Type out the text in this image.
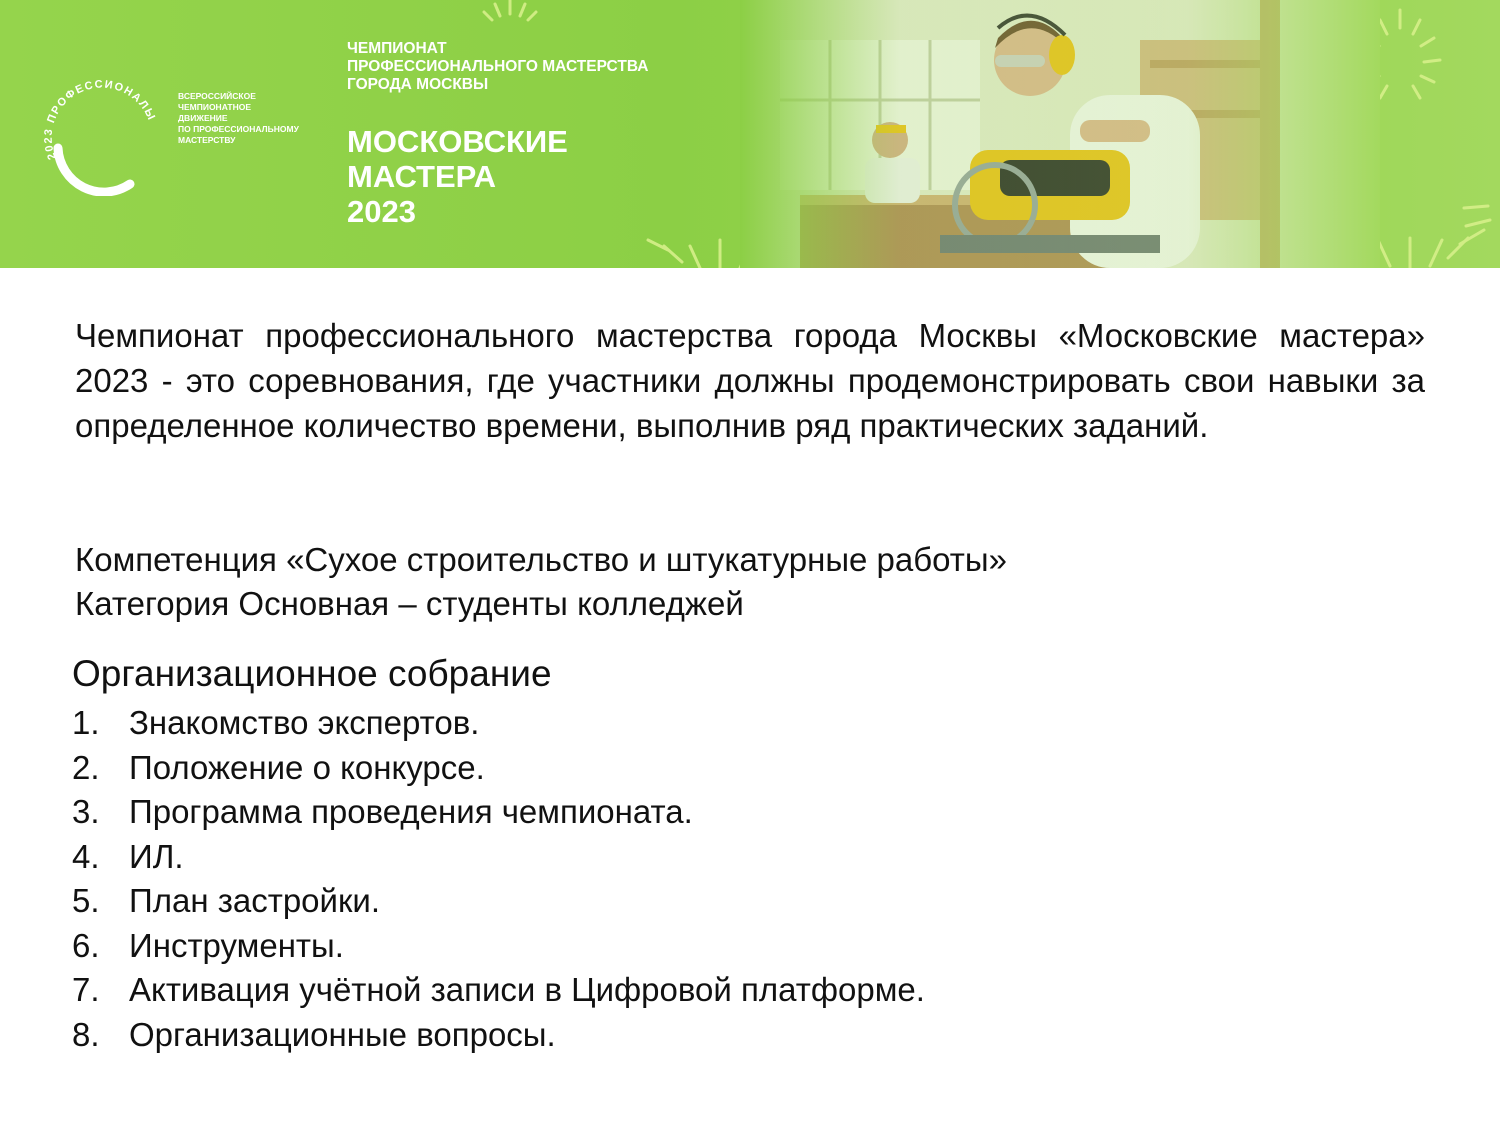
2023 ПРОФЕССИОНАЛЫ
ВСЕРОССИЙСКОЕ
ЧЕМПИОНАТНОЕ
ДВИЖЕНИЕ
ПО ПРОФЕССИОНАЛЬНОМУ
МАСТЕРСТВУ
ЧЕМПИОНАТ
ПРОФЕССИОНАЛЬНОГО МАСТЕРСТВА
ГОРОДА МОСКВЫ
МОСКОВСКИЕ
МАСТЕРА
2023

Чемпионат профессионального мастерства города Москвы «Московские мастера» 2023 - это соревнования, где участники должны продемонстрировать свои навыки за определенное количество времени, выполнив ряд практических заданий.

Компетенция «Сухое строительство и штукатурные работы»
Категория Основная – студенты колледжей
Организационное собрание
1. Знакомство экспертов.
2. Положение о конкурсе.
3. Программа проведения чемпионата.
4. ИЛ.
5. План застройки.
6. Инструменты.
7. Активация учётной записи в Цифровой платформе.
8. Организационные вопросы.
